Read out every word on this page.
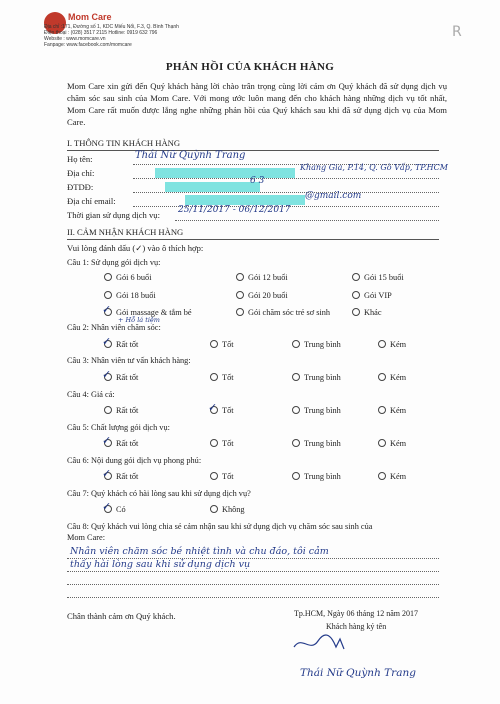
Mom Care
Địa chỉ :171, Đường số 1, KDC Miếu Nổi, F.3, Q. Bình Thạnh
Điện thoại : (028) 3517 2115 Hotline: 0919 632 796
Website : www.momcare.vn
Fanpage: www.facebook.com/momcare
R
PHẢN HỒI CỦA KHÁCH HÀNG
Mom Care xin gửi đến Quý khách hàng lời chào trân trọng cùng lời cảm ơn Quý khách đã sử dụng dịch vụ chăm sóc sau sinh của Mom Care. Với mong ước luôn mang đến cho khách hàng những dịch vụ tốt nhất, Mom Care rất muốn được lắng nghe những phản hồi của Quý khách sau khi đã sử dụng dịch vụ của Mom Care.
I. THÔNG TIN KHÁCH HÀNG
Họ tên:	Thái Nữ Quỳnh Trang
Địa chỉ:
Khang Gia, P.14, Q. Gò Vấp, TP.HCM
ĐTDĐ:
6 3
Địa chỉ email:	@gmail.com
Thời gian sử dụng dịch vụ: 25/11/2017 - 06/12/2017
II. CẢM NHẬN KHÁCH HÀNG
Vui lòng đánh dấu (✓) vào ô thích hợp:
Câu 1: Sử dụng gói dịch vụ:
Gói 6 buổi	Gói 12 buổi	Gói 15 buổi
Gói 18 buổi	Gói 20 buổi	Gói VIP
✓ Gói massage & tắm bé	Gói chăm sóc trẻ sơ sinh	Khác
+ Hỗ lá tiệm
Câu 2: Nhân viên chăm sóc:
✓ Rất tốt	Tốt	Trung bình	Kém
Câu 3: Nhân viên tư vấn khách hàng:
✓ Rất tốt	Tốt	Trung bình	Kém
Câu 4: Giá cả:
Rất tốt	✓ Tốt	Trung bình	Kém
Câu 5: Chất lượng gói dịch vụ:
✓ Rất tốt	Tốt	Trung bình	Kém
Câu 6: Nội dung gói dịch vụ phong phú:
✓ Rất tốt	Tốt	Trung bình	Kém
Câu 7: Quý khách có hài lòng sau khi sử dụng dịch vụ?
✓ Có	Không
Câu 8: Quý khách vui lòng chia sẻ cảm nhận sau khi sử dụng dịch vụ chăm sóc sau sinh của
Mom Care:
Nhân viên chăm sóc bé nhiệt tình và chu đáo, tôi cảm
thấy hài lòng sau khi sử dụng dịch vụ
Chân thành cảm ơn Quý khách.	Tp.HCM, Ngày 06 tháng 12 năm 2017
Khách hàng ký tên
Thái Nữ Quỳnh Trang
